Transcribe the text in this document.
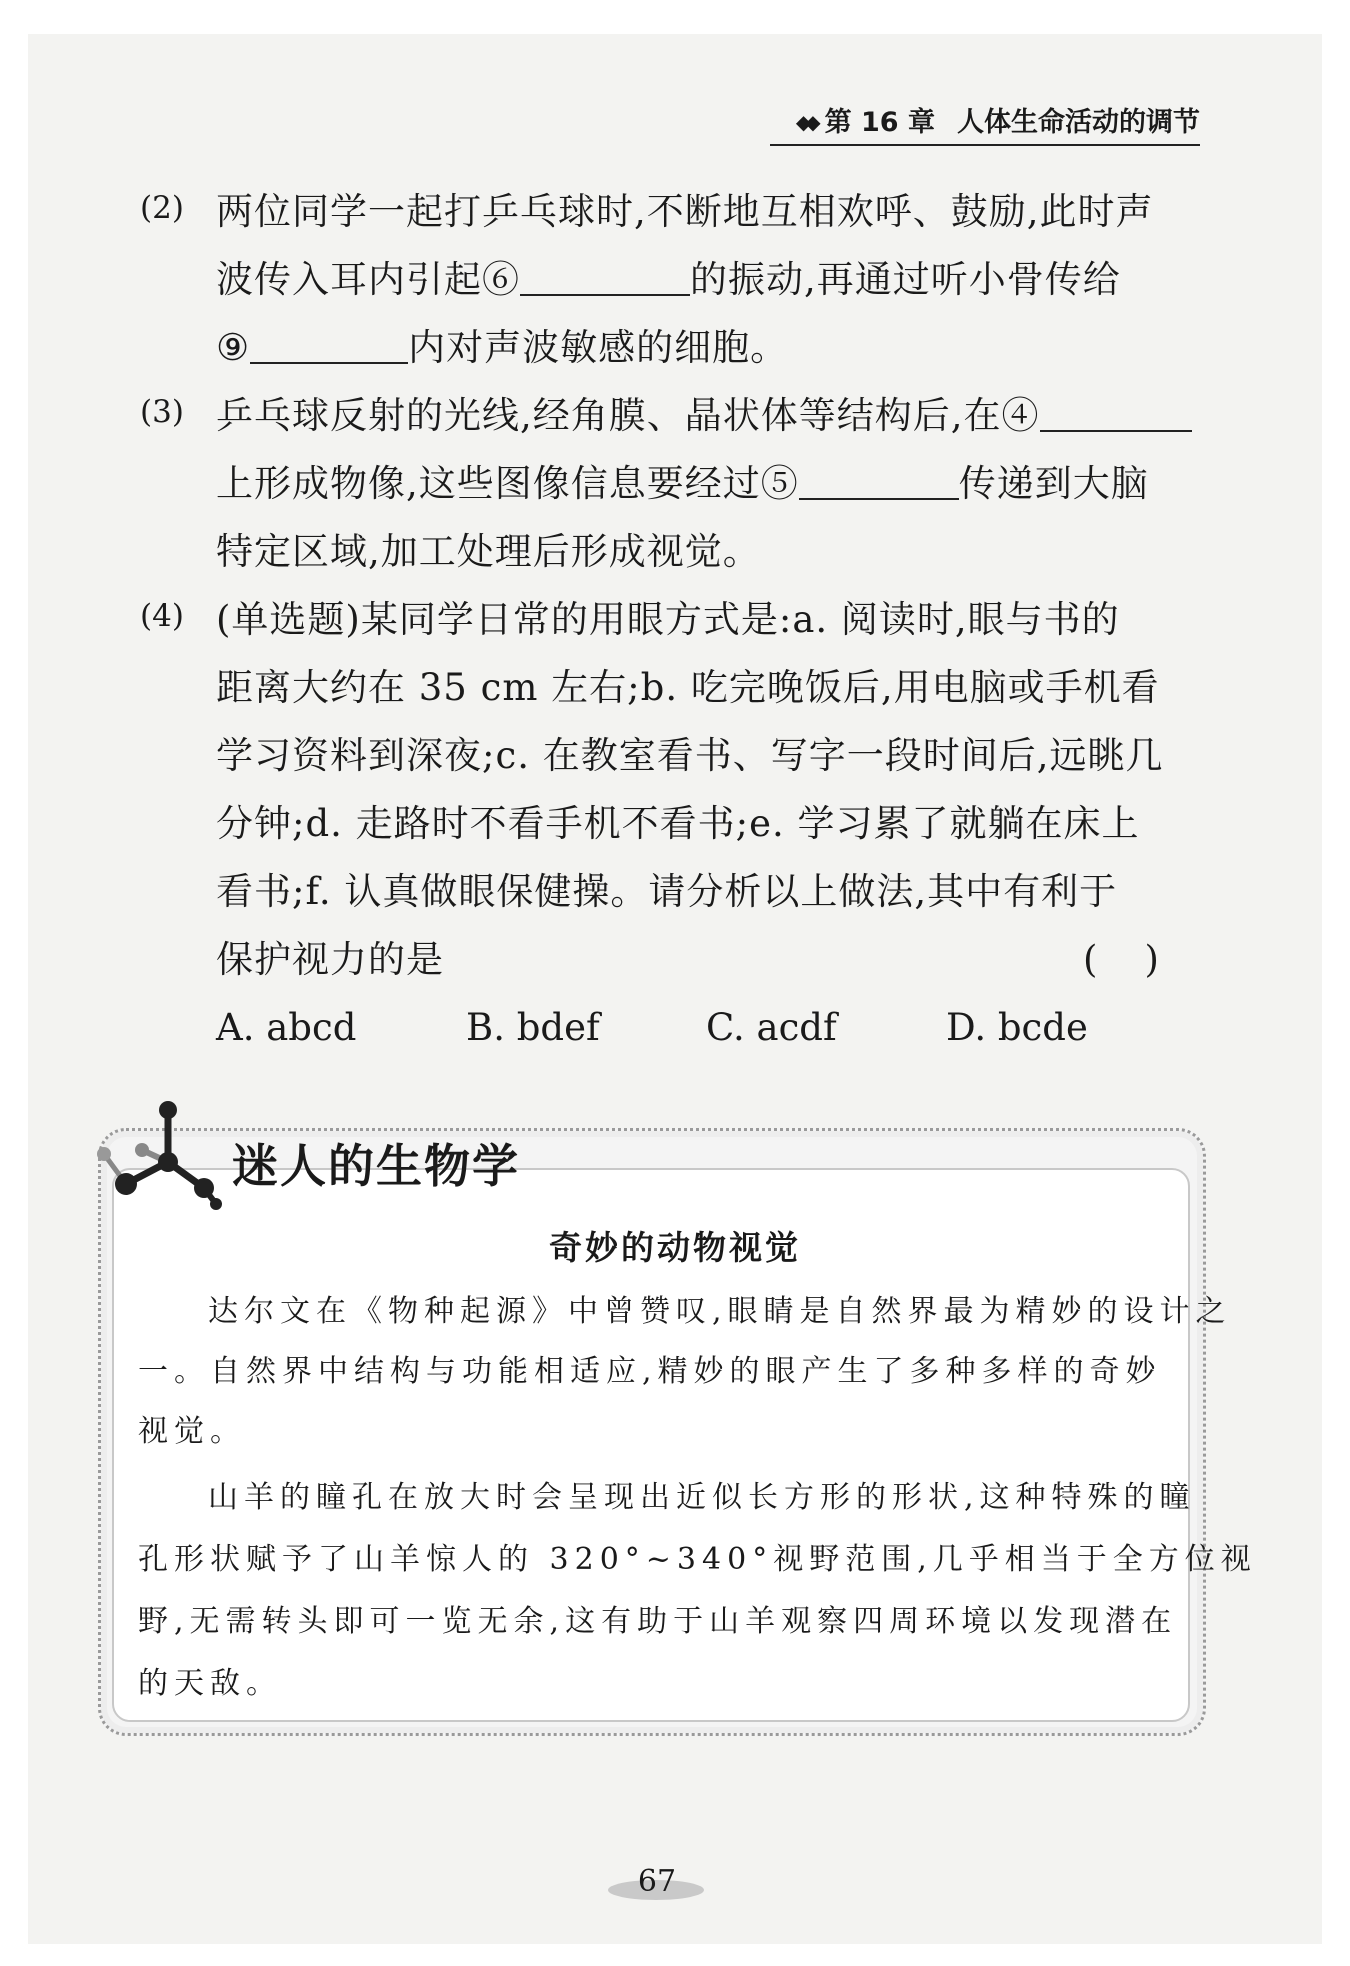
◆◆ 第 16 章 人体生命活动的调节
(2) 两位同学一起打乒乓球时,不断地互相欢呼、鼓励,此时声
波传入耳内引起⑥	的振动,再通过听小骨传给
⑨	内对声波敏感的细胞。
(3) 乒乓球反射的光线,经角膜、晶状体等结构后,在④
上形成物像,这些图像信息要经过⑤	传递到大脑
特定区域,加工处理后形成视觉。
(4) (单选题)某同学日常的用眼方式是:a. 阅读时,眼与书的
距离大约在 35 cm 左右;b. 吃完晚饭后,用电脑或手机看
学习资料到深夜;c. 在教室看书、写字一段时间后,远眺几
分钟;d. 走路时不看手机不看书;e. 学习累了就躺在床上
看书;f. 认真做眼保健操。请分析以上做法,其中有利于
保护视力的是	(    )
A. abcd	B. bdef	C. acdf	D. bcde
迷人的生物学
奇妙的动物视觉
达尔文在《物种起源》中曾赞叹,眼睛是自然界最为精妙的设计之
一。自然界中结构与功能相适应,精妙的眼产生了多种多样的奇妙
视觉。
山羊的瞳孔在放大时会呈现出近似长方形的形状,这种特殊的瞳
孔形状赋予了山羊惊人的 320°~340°视野范围,几乎相当于全方位视
野,无需转头即可一览无余,这有助于山羊观察四周环境以发现潜在
的天敌。
67
